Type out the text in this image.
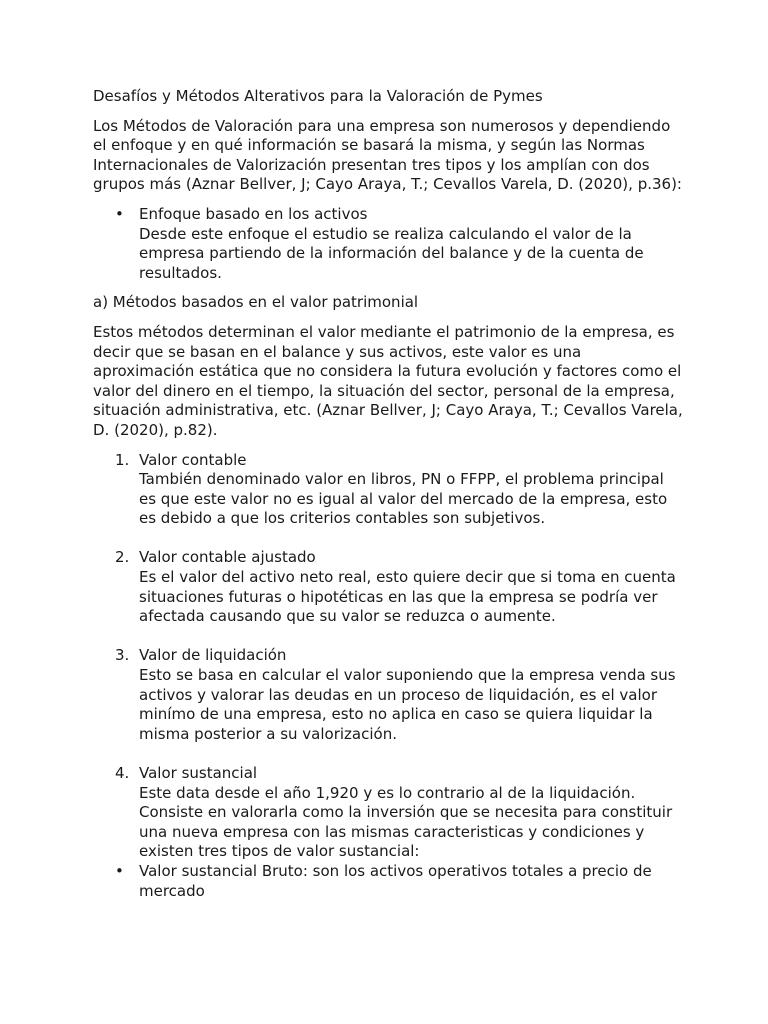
Desafíos y Métodos Alterativos para la Valoración de Pymes

Los Métodos de Valoración para una empresa son numerosos y dependiendo el enfoque y en qué información se basará la misma, y según las Normas Internacionales de Valorización presentan tres tipos y los amplían con dos grupos más (Aznar Bellver, J; Cayo Araya, T.; Cevallos Varela, D. (2020), p.36):

• Enfoque basado en los activos
Desde este enfoque el estudio se realiza calculando el valor de la empresa partiendo de la información del balance y de la cuenta de resultados.

a) Métodos basados en el valor patrimonial

Estos métodos determinan el valor mediante el patrimonio de la empresa, es decir que se basan en el balance y sus activos, este valor es una aproximación estática que no considera la futura evolución y factores como el valor del dinero en el tiempo, la situación del sector, personal de la empresa, situación administrativa, etc. (Aznar Bellver, J; Cayo Araya, T.; Cevallos Varela, D. (2020), p.82).

1. Valor contable
También denominado valor en libros, PN o FFPP, el problema principal es que este valor no es igual al valor del mercado de la empresa, esto es debido a que los criterios contables son subjetivos.
2. Valor contable ajustado
Es el valor del activo neto real, esto quiere decir que si toma en cuenta situaciones futuras o hipotéticas en las que la empresa se podría ver afectada causando que su valor se reduzca o aumente.
3. Valor de liquidación
Esto se basa en calcular el valor suponiendo que la empresa venda sus activos y valorar las deudas en un proceso de liquidación, es el valor minímo de una empresa, esto no aplica en caso se quiera liquidar la misma posterior a su valorización.
4. Valor sustancial
Este data desde el año 1,920 y es lo contrario al de la liquidación. Consiste en valorarla como la inversión que se necesita para constituir una nueva empresa con las mismas caracteristicas y condiciones y existen tres tipos de valor sustancial:
• Valor sustancial Bruto: son los activos operativos totales a precio de mercado
